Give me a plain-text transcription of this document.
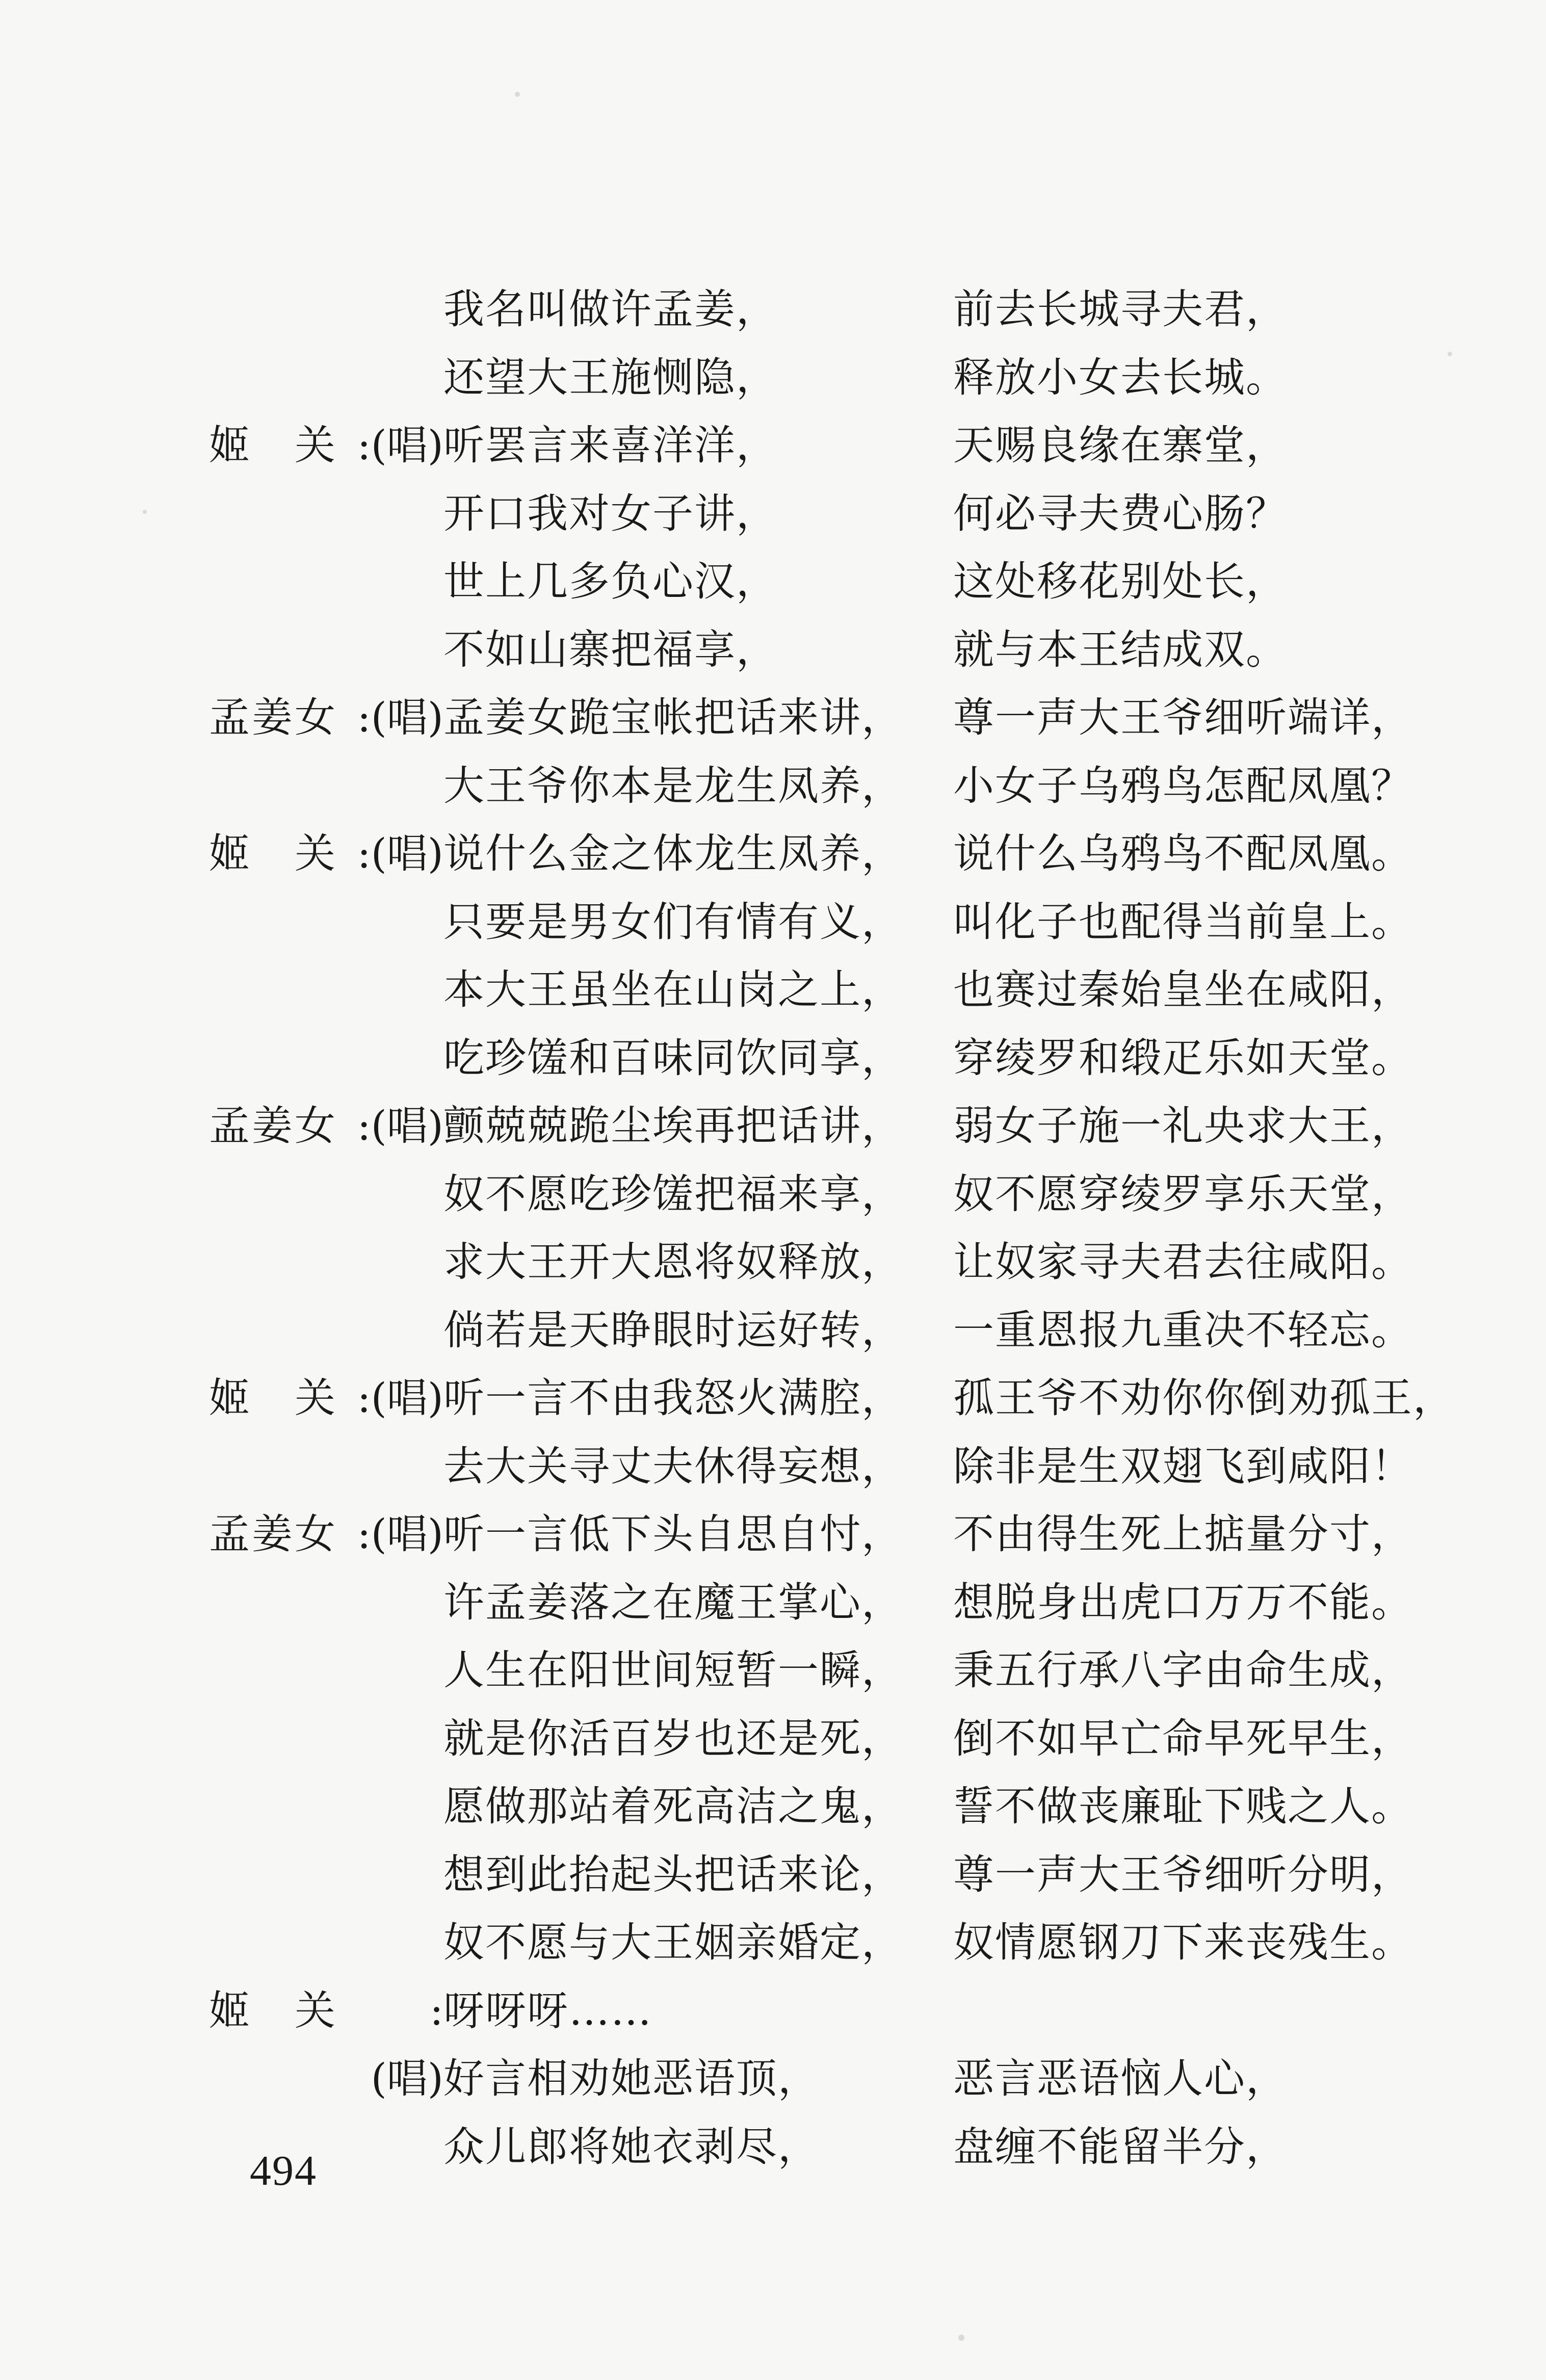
我名叫做许孟姜，	前去长城寻夫君，
还望大王施恻隐，	释放小女去长城。
姬　关 :(唱) 听罢言来喜洋洋，	天赐良缘在寨堂，
开口我对女子讲，	何必寻夫费心肠？
世上几多负心汉，	这处移花别处长，
不如山寨把福享，	就与本王结成双。
孟姜女 :(唱) 孟姜女跪宝帐把话来讲， 尊一声大王爷细听端详，
大王爷你本是龙生凤养， 小女子乌鸦鸟怎配凤凰？
姬　关 :(唱) 说什么金之体龙生凤养， 说什么乌鸦鸟不配凤凰。
只要是男女们有情有义， 叫化子也配得当前皇上。
本大王虽坐在山岗之上， 也赛过秦始皇坐在咸阳，
吃珍馐和百味同饮同享， 穿绫罗和缎疋乐如天堂。
孟姜女 :(唱) 颤兢兢跪尘埃再把话讲， 弱女子施一礼央求大王，
奴不愿吃珍馐把福来享， 奴不愿穿绫罗享乐天堂，
求大王开大恩将奴释放， 让奴家寻夫君去往咸阳。
倘若是天睁眼时运好转， 一重恩报九重决不轻忘。
姬　关 :(唱) 听一言不由我怒火满腔， 孤王爷不劝你你倒劝孤王，
去大关寻丈夫休得妄想， 除非是生双翅飞到咸阳！
孟姜女 :(唱) 听一言低下头自思自忖， 不由得生死上掂量分寸，
许孟姜落之在魔王掌心， 想脱身出虎口万万不能。
人生在阳世间短暂一瞬， 秉五行承八字由命生成，
就是你活百岁也还是死， 倒不如早亡命早死早生，
愿做那站着死高洁之鬼， 誓不做丧廉耻下贱之人。
想到此抬起头把话来论， 尊一声大王爷细听分明，
奴不愿与大王姻亲婚定， 奴情愿钢刀下来丧残生。
姬　关 : 呀呀呀……
(唱) 好言相劝她恶语顶，	恶言恶语恼人心，
众儿郎将她衣剥尽，	盘缠不能留半分，
494
